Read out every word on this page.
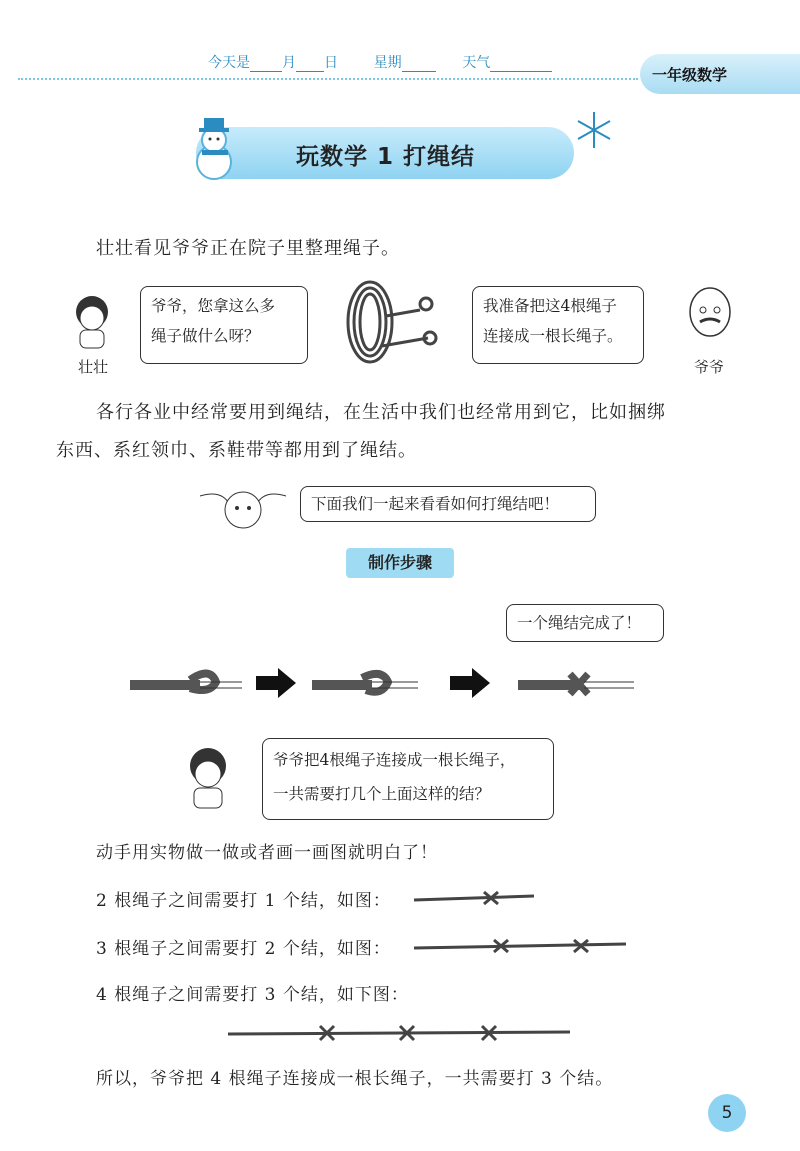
今天是 月 日	星期	天气
一年级数学
玩数学 1 打绳结
壮壮看见爷爷正在院子里整理绳子。
壮壮
爷爷，您拿这么多
绳子做什么呀？
我准备把这4根绳子
连接成一根长绳子。
爷爷
各行各业中经常要用到绳结，在生活中我们也经常用到它，比如捆绑
东西、系红领巾、系鞋带等都用到了绳结。
下面我们一起来看看如何打绳结吧！
制作步骤
一个绳结完成了！
爷爷把4根绳子连接成一根长绳子，
一共需要打几个上面这样的结？
动手用实物做一做或者画一画图就明白了！
2 根绳子之间需要打 1 个结，如图：
3 根绳子之间需要打 2 个结，如图：
4 根绳子之间需要打 3 个结，如下图：
所以，爷爷把 4 根绳子连接成一根长绳子，一共需要打 3 个结。
5
